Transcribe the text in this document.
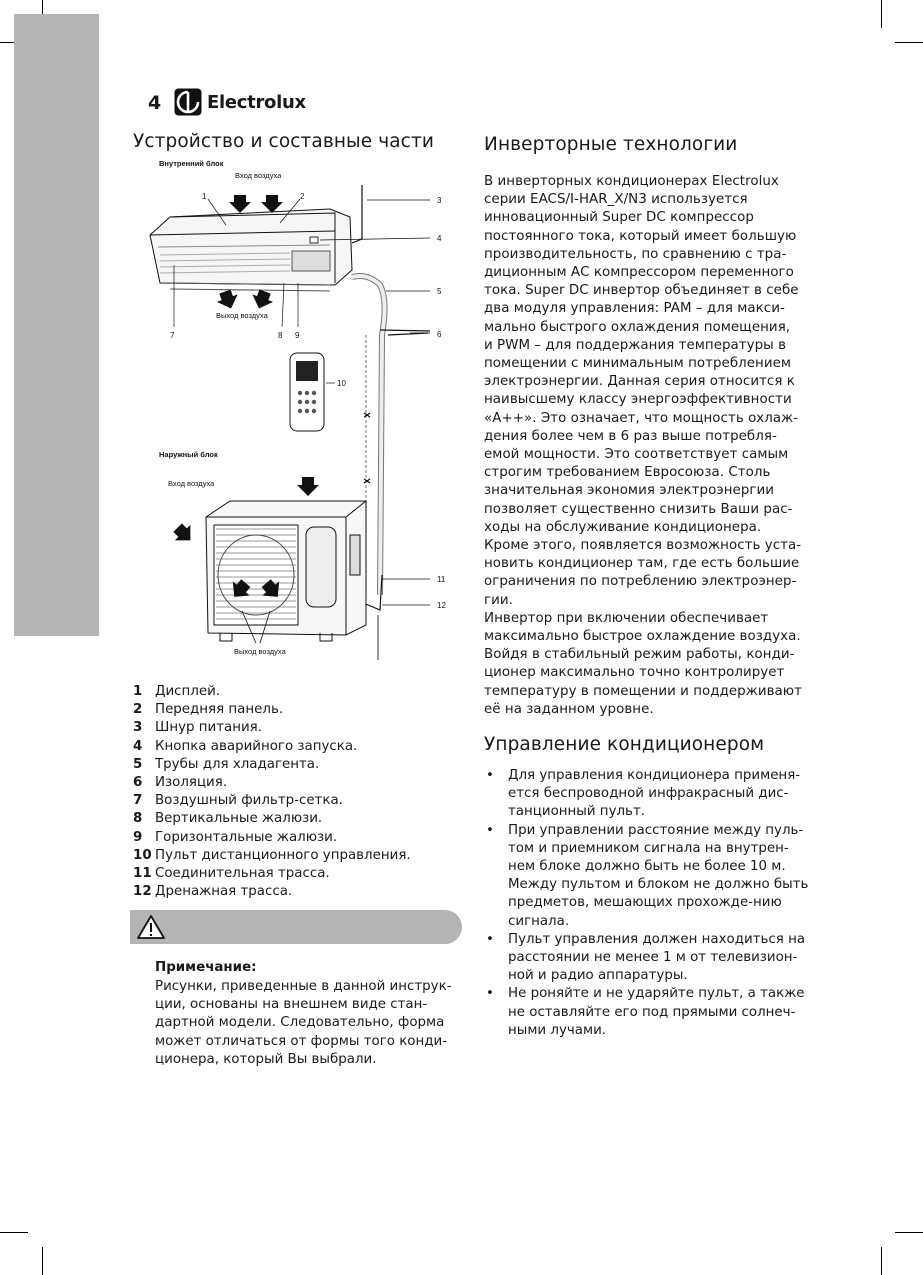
4	Electrolux
Устройство и составные части
Внутренний блок
Вход воздуха
Выход воздуха
Наружный блок
Вход воздуха
Выход воздуха
1	2	3
4
5
6
7	8 9
10
11
12
1 Дисплей.
2 Передняя панель.
3 Шнур питания.
4 Кнопка аварийного запуска.
5 Трубы для хладагента.
6 Изоляция.
7 Воздушный фильтр-сетка.
8 Вертикальные жалюзи.
9 Горизонтальные жалюзи.
10 Пульт дистанционного управления.
11 Соединительная трасса.
12 Дренажная трасса.
Примечание:
Рисунки, приведенные в данной инструк-
ции, основаны на внешнем виде стан-
дартной модели. Следовательно, форма
может отличаться от формы того конди-
ционера, который Вы выбрали.
Инверторные технологии
В инверторных кондиционерах Electrolux
серии EACS/I-HAR_X/N3 используется
инновационный Super DC компрессор
постоянного тока, который имеет большую
производительность, по сравнению с тра-
диционным АС компрессором переменного
тока. Super DC инвертор объединяет в себе
два модуля управления: PAM – для макси-
мально быстрого охлаждения помещения,
и PWM – для поддержания температуры в
помещении с минимальным потреблением
электроэнергии. Данная серия относится к
наивысшему классу энергоэффективности
«А++». Это означает, что мощность охлаж-
дения более чем в 6 раз выше потребля-
емой мощности. Это соответствует самым
строгим требованием Евросоюза. Столь
значительная экономия электроэнергии
позволяет существенно снизить Ваши рас-
ходы на обслуживание кондиционера.
Кроме этого, появляется возможность уста-
новить кондиционер там, где есть большие
ограничения по потреблению электроэнер-
гии.
Инвертор при включении обеспечивает
максимально быстрое охлаждение воздуха.
Войдя в стабильный режим работы, конди-
ционер максимально точно контролирует
температуру в помещении и поддерживают
её на заданном уровне.
Управление кондиционером
• Для управления кондиционера применя-ется беспроводной инфракрасный дис-танционный пульт.
• При управлении расстояние между пуль-том и приемником сигнала на внутрен-нем блоке должно быть не более 10 м. Между пультом и блоком не должно быть предметов, мешающих прохожде-нию сигнала.
• Пульт управления должен находиться на расстоянии не менее 1 м от телевизион-ной и радио аппаратуры.
• Не роняйте и не ударяйте пульт, а также не оставляйте его под прямыми солнеч-ными лучами.
